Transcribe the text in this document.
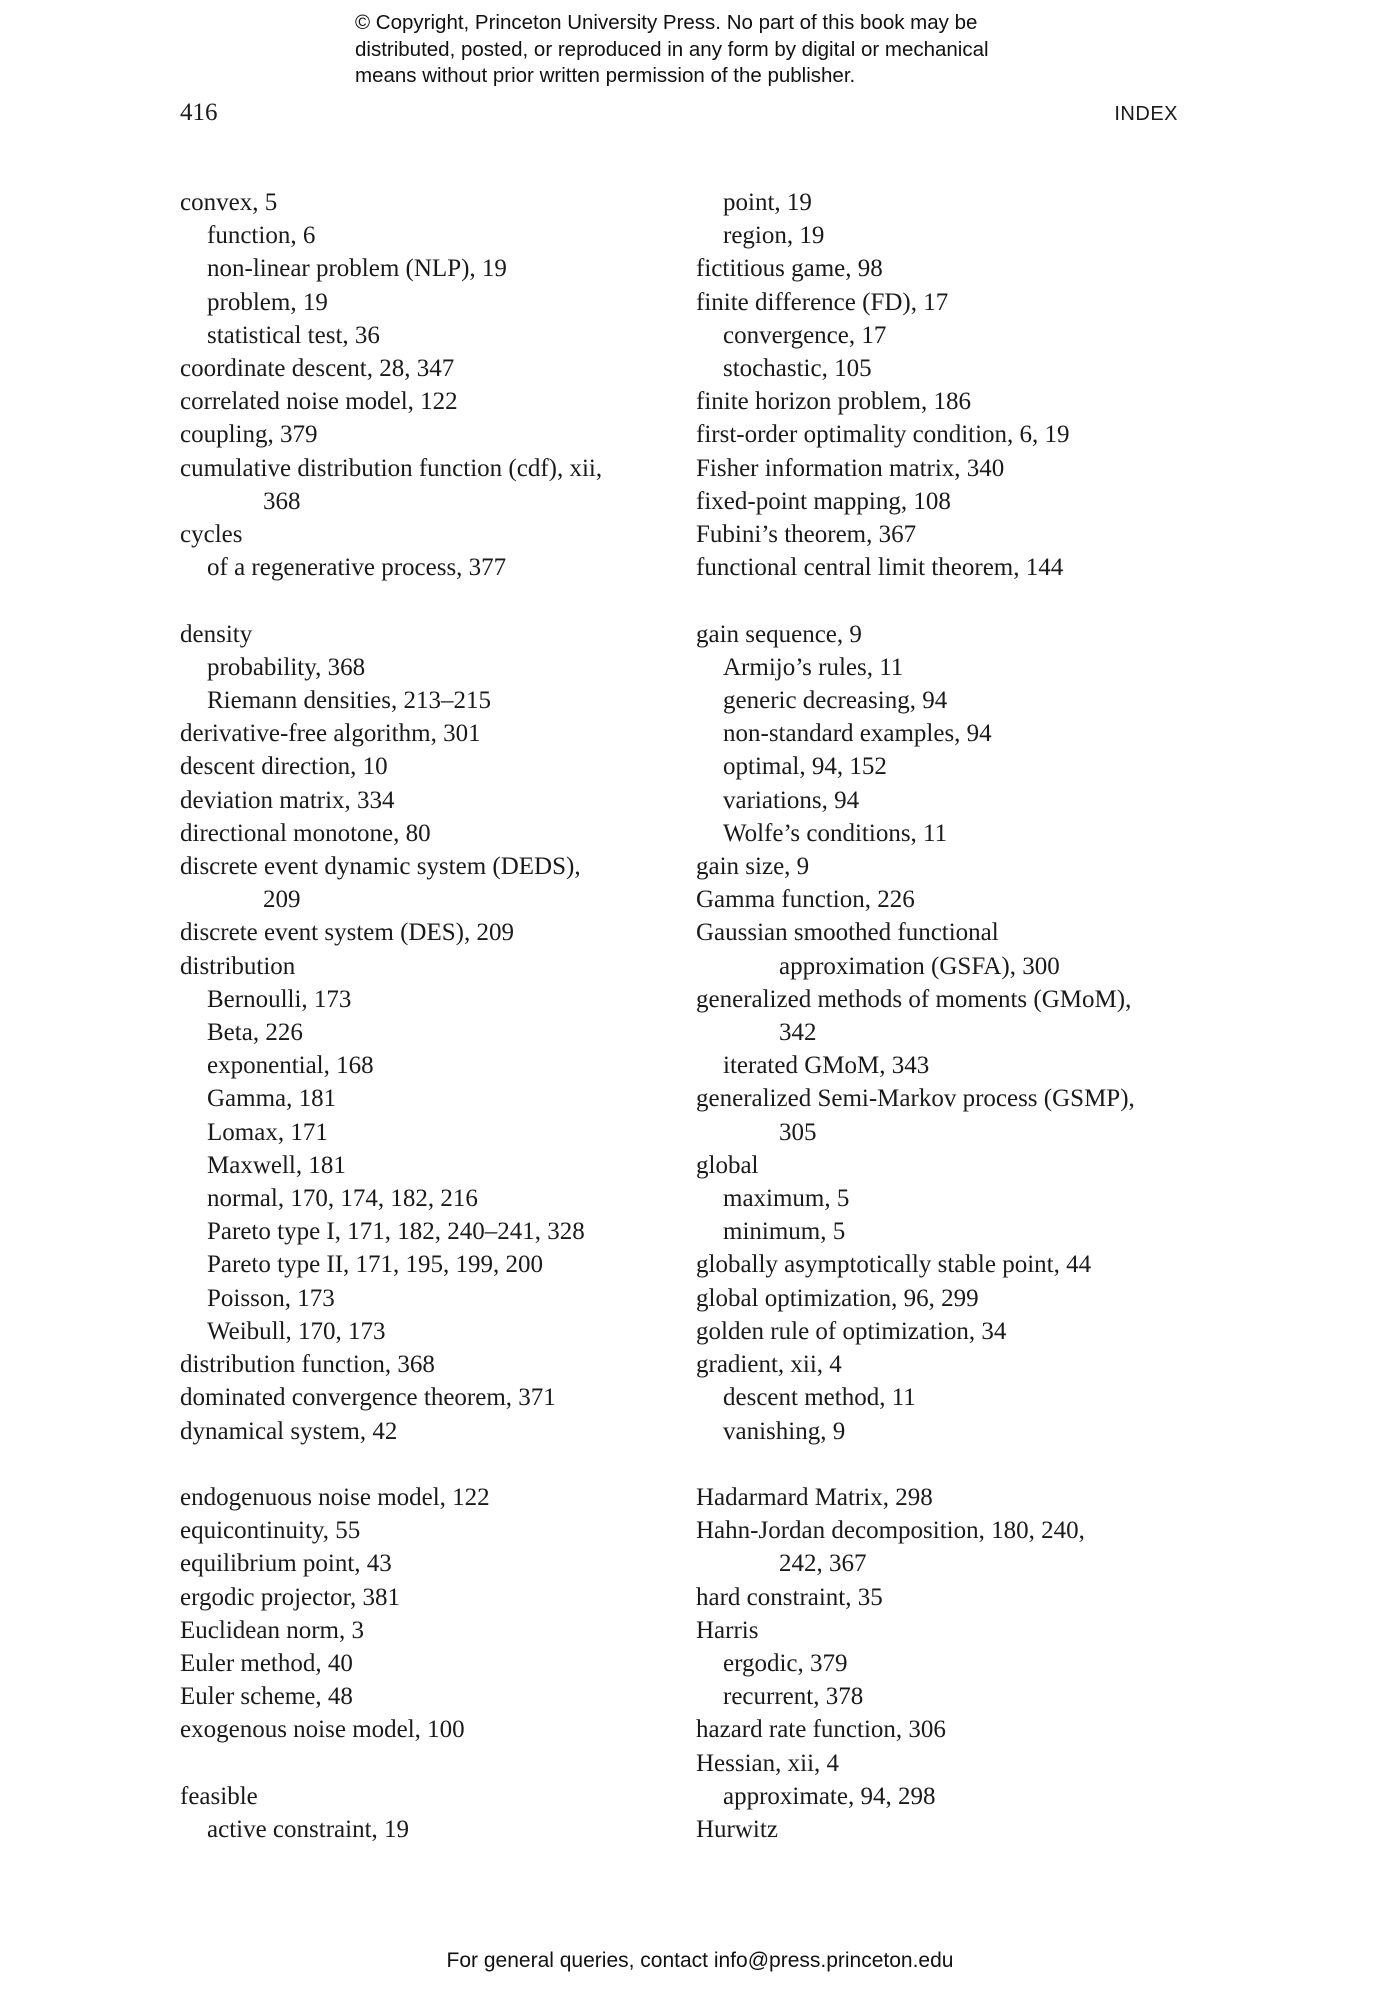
© Copyright, Princeton University Press. No part of this book may be
distributed, posted, or reproduced in any form by digital or mechanical
means without prior written permission of the publisher.
416	INDEX
convex, 5
function, 6
non-linear problem (NLP), 19
problem, 19
statistical test, 36
coordinate descent, 28, 347
correlated noise model, 122
coupling, 379
cumulative distribution function (cdf), xii,
368
cycles
of a regenerative process, 377
density
probability, 368
Riemann densities, 213–215
derivative-free algorithm, 301
descent direction, 10
deviation matrix, 334
directional monotone, 80
discrete event dynamic system (DEDS),
209
discrete event system (DES), 209
distribution
Bernoulli, 173
Beta, 226
exponential, 168
Gamma, 181
Lomax, 171
Maxwell, 181
normal, 170, 174, 182, 216
Pareto type I, 171, 182, 240–241, 328
Pareto type II, 171, 195, 199, 200
Poisson, 173
Weibull, 170, 173
distribution function, 368
dominated convergence theorem, 371
dynamical system, 42
endogenuous noise model, 122
equicontinuity, 55
equilibrium point, 43
ergodic projector, 381
Euclidean norm, 3
Euler method, 40
Euler scheme, 48
exogenous noise model, 100
feasible
active constraint, 19
point, 19
region, 19
fictitious game, 98
finite difference (FD), 17
convergence, 17
stochastic, 105
finite horizon problem, 186
first-order optimality condition, 6, 19
Fisher information matrix, 340
fixed-point mapping, 108
Fubini’s theorem, 367
functional central limit theorem, 144
gain sequence, 9
Armijo’s rules, 11
generic decreasing, 94
non-standard examples, 94
optimal, 94, 152
variations, 94
Wolfe’s conditions, 11
gain size, 9
Gamma function, 226
Gaussian smoothed functional
approximation (GSFA), 300
generalized methods of moments (GMoM),
342
iterated GMoM, 343
generalized Semi-Markov process (GSMP),
305
global
maximum, 5
minimum, 5
globally asymptotically stable point, 44
global optimization, 96, 299
golden rule of optimization, 34
gradient, xii, 4
descent method, 11
vanishing, 9
Hadarmard Matrix, 298
Hahn-Jordan decomposition, 180, 240,
242, 367
hard constraint, 35
Harris
ergodic, 379
recurrent, 378
hazard rate function, 306
Hessian, xii, 4
approximate, 94, 298
Hurwitz
For general queries, contact info@press.princeton.edu
